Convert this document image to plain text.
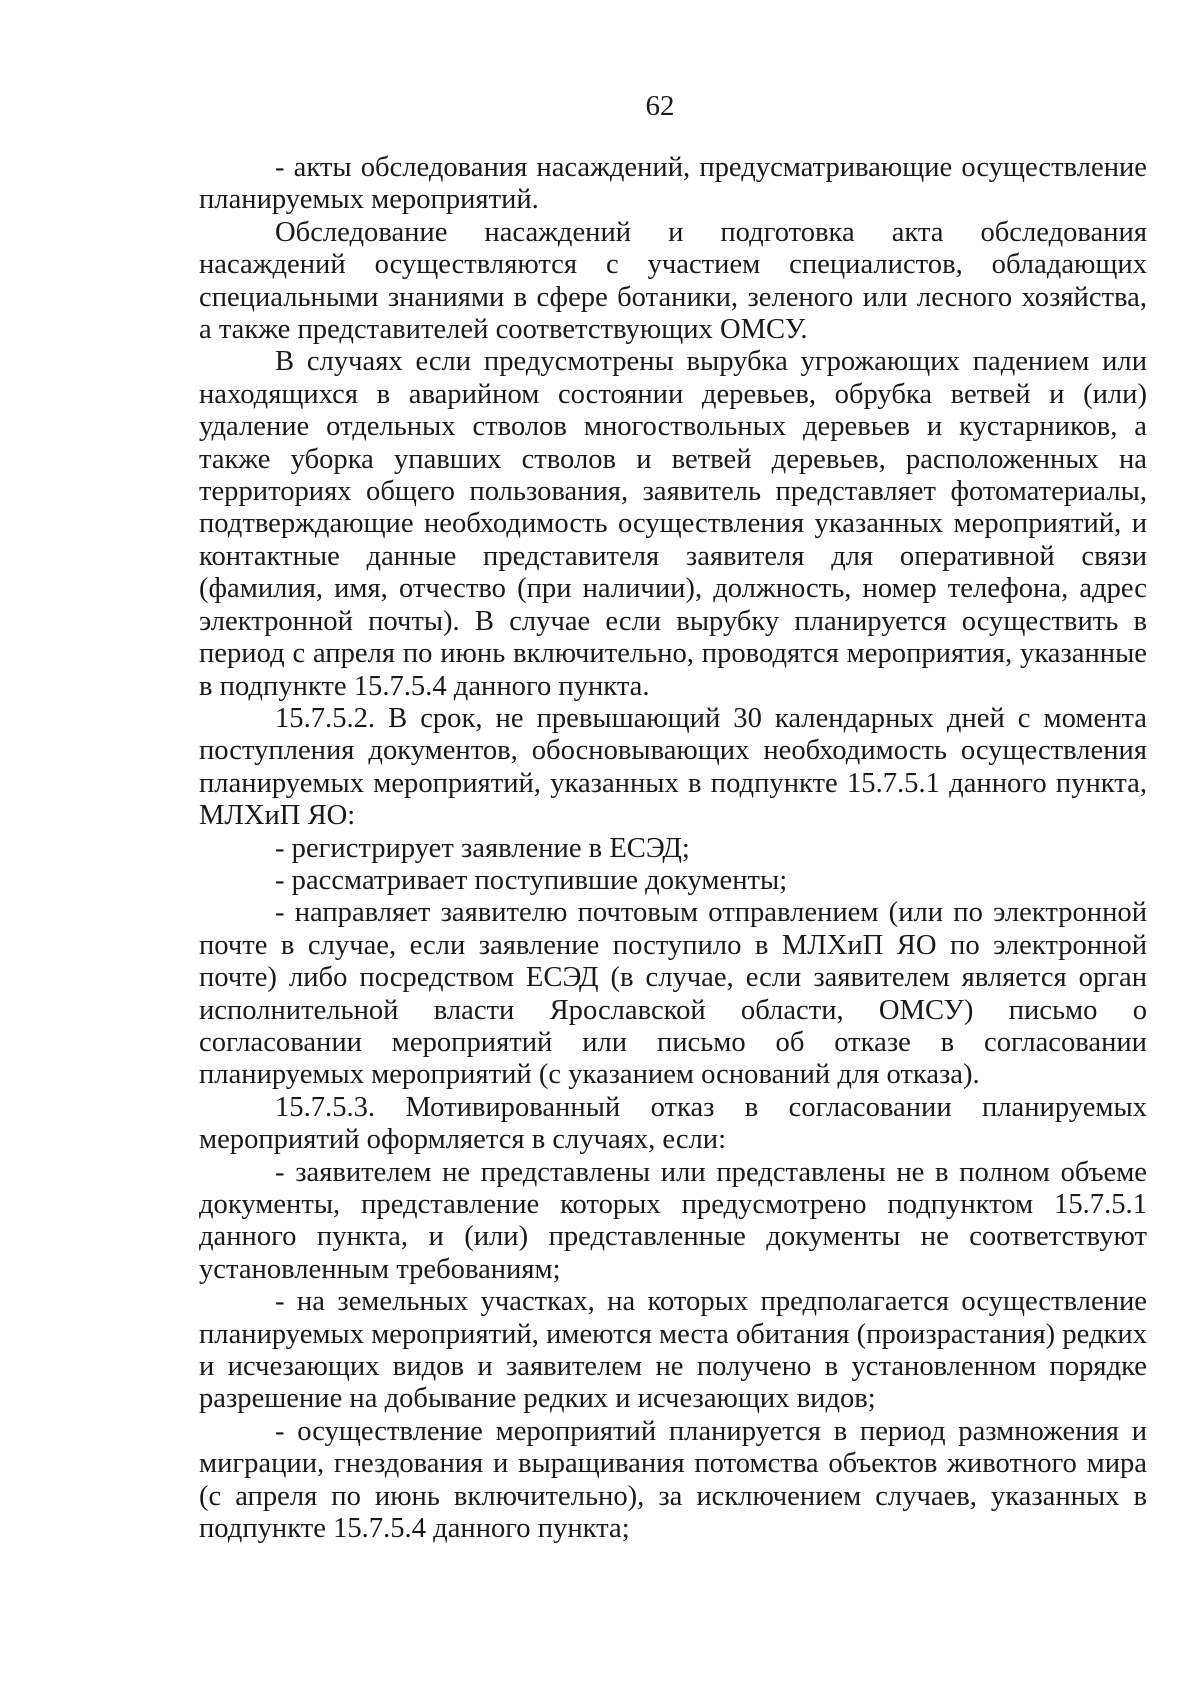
62

- акты обследования насаждений, предусматривающие осуществление планируемых мероприятий.

Обследование насаждений и подготовка акта обследования насаждений осуществляются с участием специалистов, обладающих специальными знаниями в сфере ботаники, зеленого или лесного хозяйства, а также представителей соответствующих ОМСУ.

В случаях если предусмотрены вырубка угрожающих падением или находящихся в аварийном состоянии деревьев, обрубка ветвей и (или) удаление отдельных стволов многоствольных деревьев и кустарников, а также уборка упавших стволов и ветвей деревьев, расположенных на территориях общего пользования, заявитель представляет фотоматериалы, подтверждающие необходимость осуществления указанных мероприятий, и контактные данные представителя заявителя для оперативной связи (фамилия, имя, отчество (при наличии), должность, номер телефона, адрес электронной почты). В случае если вырубку планируется осуществить в период с апреля по июнь включительно, проводятся мероприятия, указанные в подпункте 15.7.5.4 данного пункта.

15.7.5.2. В срок, не превышающий 30 календарных дней с момента поступления документов, обосновывающих необходимость осуществления планируемых мероприятий, указанных в подпункте 15.7.5.1 данного пункта, МЛХиП ЯО:

- регистрирует заявление в ЕСЭД;

- рассматривает поступившие документы;

- направляет заявителю почтовым отправлением (или по электронной почте в случае, если заявление поступило в МЛХиП ЯО по электронной почте) либо посредством ЕСЭД (в случае, если заявителем является орган исполнительной власти Ярославской области, ОМСУ) письмо о согласовании мероприятий или письмо об отказе в согласовании планируемых мероприятий (с указанием оснований для отказа).

15.7.5.3. Мотивированный отказ в согласовании планируемых мероприятий оформляется в случаях, если:

- заявителем не представлены или представлены не в полном объеме документы, представление которых предусмотрено подпунктом 15.7.5.1 данного пункта, и (или) представленные документы не соответствуют установленным требованиям;

- на земельных участках, на которых предполагается осуществление планируемых мероприятий, имеются места обитания (произрастания) редких и исчезающих видов и заявителем не получено в установленном порядке разрешение на добывание редких и исчезающих видов;

- осуществление мероприятий планируется в период размножения и миграции, гнездования и выращивания потомства объектов животного мира (с апреля по июнь включительно), за исключением случаев, указанных в подпункте 15.7.5.4 данного пункта;
